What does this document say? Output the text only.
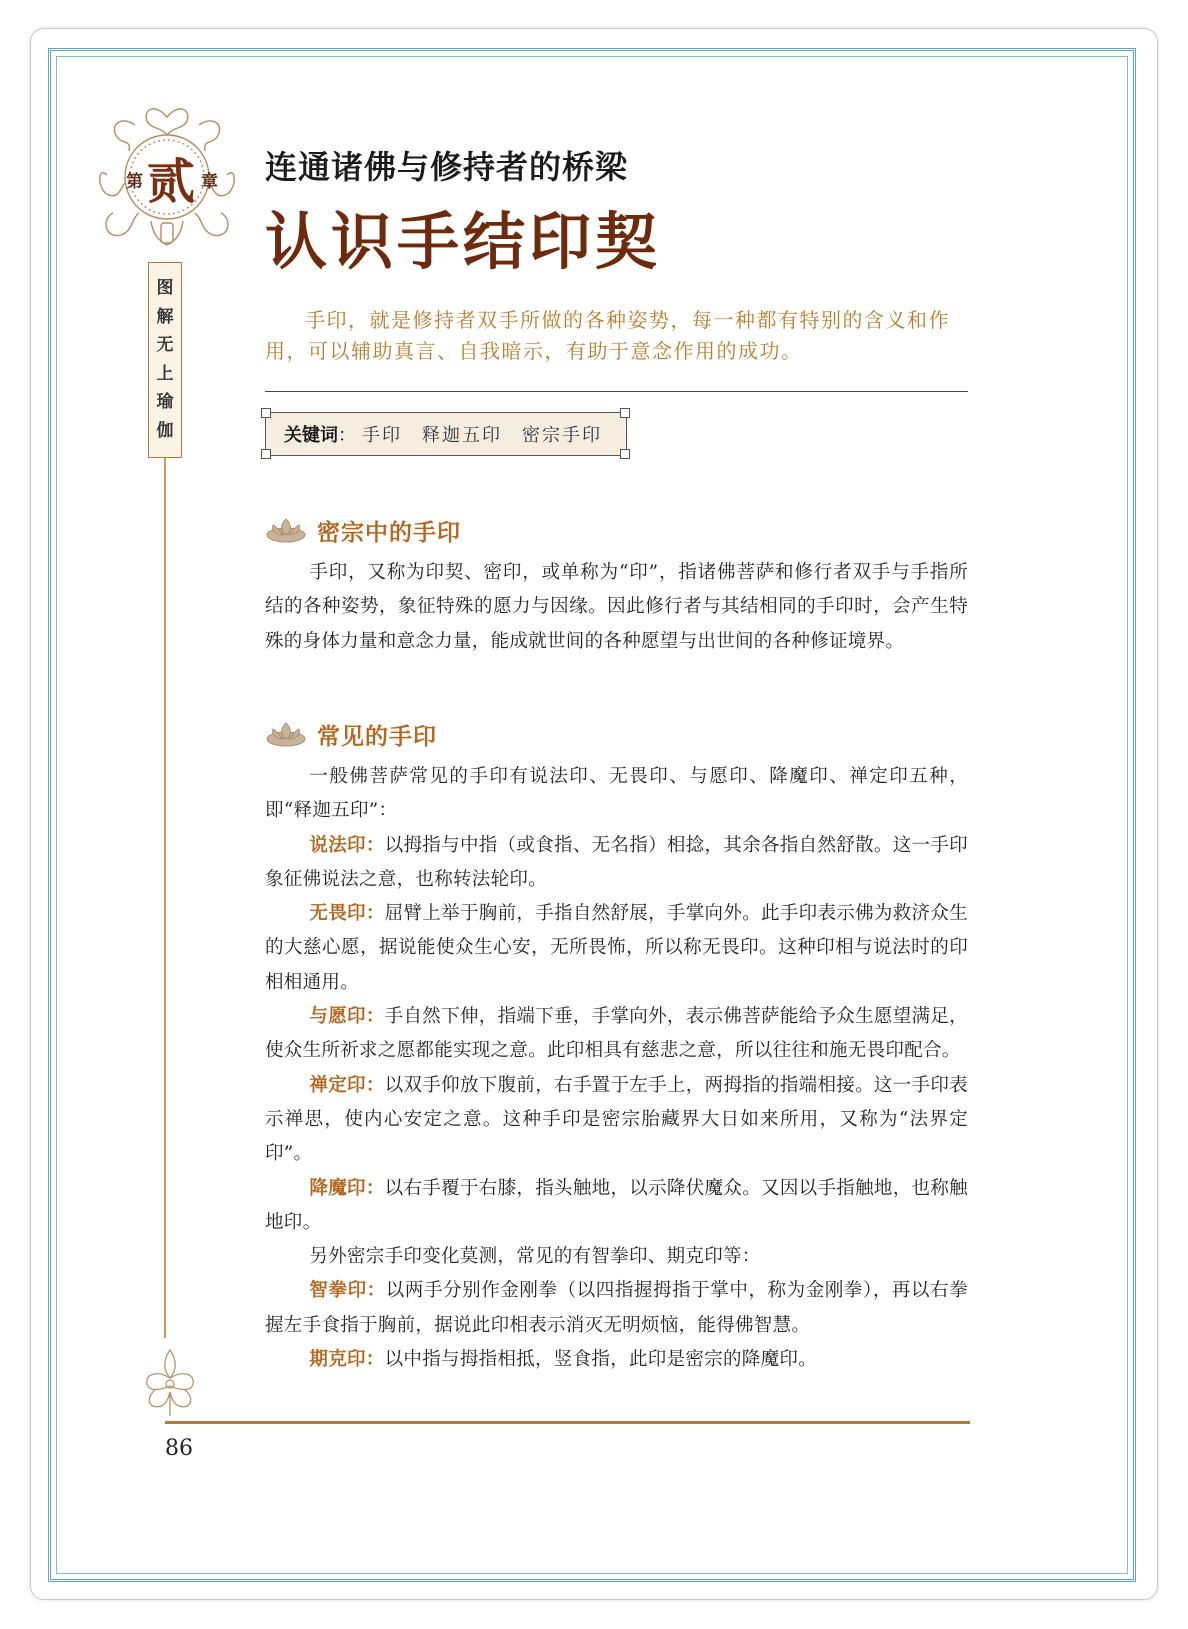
第 贰 章
图
解
无
上
瑜
伽
连通诸佛与修持者的桥梁
认识手结印契
手印，就是修持者双手所做的各种姿势，每一种都有特别的含义和作用，可以辅助真言、自我暗示，有助于意念作用的成功。
关键词 ： 手印 释迦五印 密宗手印
密宗中的手印
手印，又称为印契、密印，或单称为“印”，指诸佛菩萨和修行者双手与手指所结的各种姿势，象征特殊的愿力与因缘。因此修行者与其结相同的手印时，会产生特殊的身体力量和意念力量，能成就世间的各种愿望与出世间的各种修证境界。
常见的手印
一般佛菩萨常见的手印有说法印、无畏印、与愿印、降魔印、禅定印五种，即“释迦五印”：
说法印：以拇指与中指（或食指、无名指）相捻，其余各指自然舒散。这一手印象征佛说法之意，也称转法轮印。
无畏印：屈臂上举于胸前，手指自然舒展，手掌向外。此手印表示佛为救济众生的大慈心愿，据说能使众生心安，无所畏怖，所以称无畏印。这种印相与说法时的印相相通用。
与愿印：手自然下伸，指端下垂，手掌向外，表示佛菩萨能给予众生愿望满足，使众生所祈求之愿都能实现之意。此印相具有慈悲之意，所以往往和施无畏印配合。
禅定印：以双手仰放下腹前，右手置于左手上，两拇指的指端相接。这一手印表示禅思，使内心安定之意。这种手印是密宗胎藏界大日如来所用，又称为“法界定印”。
降魔印：以右手覆于右膝，指头触地，以示降伏魔众。又因以手指触地，也称触地印。
另外密宗手印变化莫测，常见的有智拳印、期克印等：
智拳印：以两手分别作金刚拳（以四指握拇指于掌中，称为金刚拳），再以右拳握左手食指于胸前，据说此印相表示消灭无明烦恼，能得佛智慧。
期克印：以中指与拇指相抵，竖食指，此印是密宗的降魔印。
86
